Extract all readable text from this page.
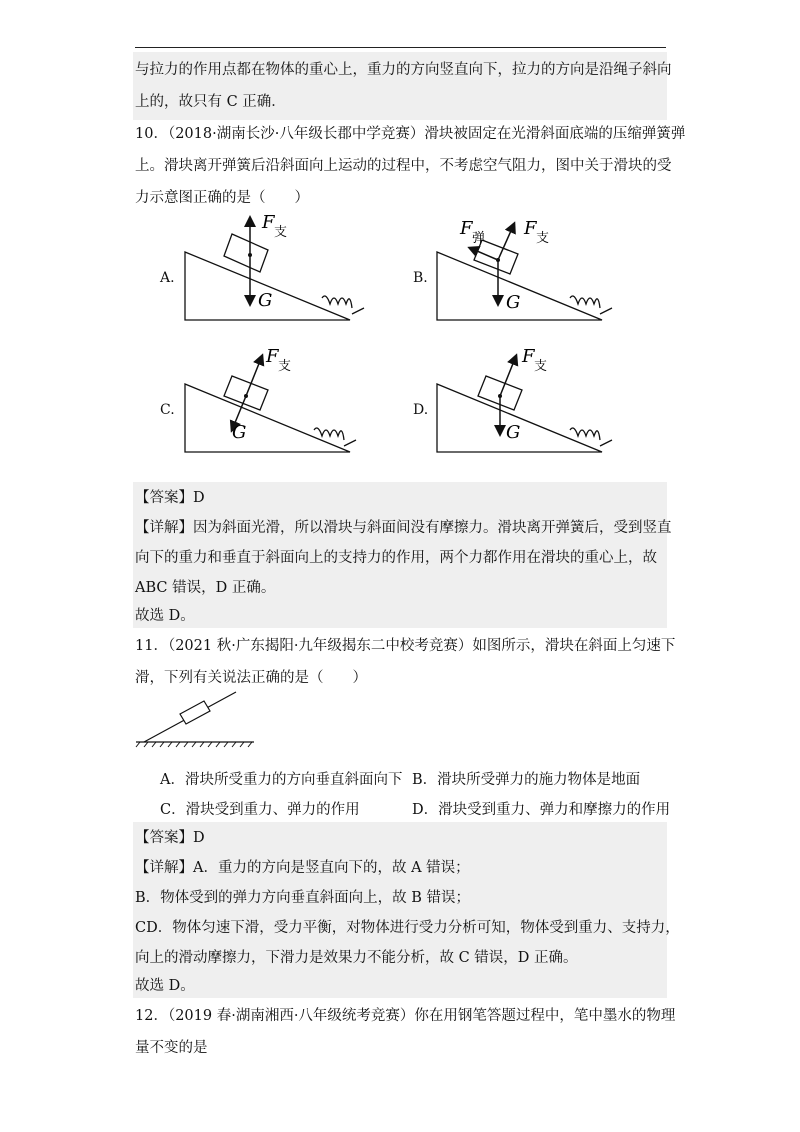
与拉力的作用点都在物体的重心上，重力的方向竖直向下，拉力的方向是沿绳子斜向
上的，故只有 C 正确．
10．（2018·湖南长沙·八年级长郡中学竞赛）滑块被固定在光滑斜面底端的压缩弹簧弹
上。滑块离开弹簧后沿斜面向上运动的过程中，不考虑空气阻力，图中关于滑块的受
力示意图正确的是（　　）
A.	B.
C.	D.
F 支
G
F 弹 F 支
G
F 支
G
F 支
G
【答案】D
【详解】因为斜面光滑，所以滑块与斜面间没有摩擦力。滑块离开弹簧后，受到竖直
向下的重力和垂直于斜面向上的支持力的作用，两个力都作用在滑块的重心上，故
ABC 错误，D 正确。
故选 D。
11．（2021 秋·广东揭阳·九年级揭东二中校考竞赛）如图所示，滑块在斜面上匀速下
滑，下列有关说法正确的是（　　）
A．滑块所受重力的方向垂直斜面向下 B．滑块所受弹力的施力物体是地面
C．滑块受到重力、弹力的作用	D．滑块受到重力、弹力和摩擦力的作用
【答案】D
【详解】A．重力的方向是竖直向下的，故 A 错误；
B．物体受到的弹力方向垂直斜面向上，故 B 错误；
CD．物体匀速下滑，受力平衡，对物体进行受力分析可知，物体受到重力、支持力，
向上的滑动摩擦力，下滑力是效果力不能分析，故 C 错误，D 正确。
故选 D。
12．（2019 春·湖南湘西·八年级统考竞赛）你在用钢笔答题过程中，笔中墨水的物理
量不变的是
